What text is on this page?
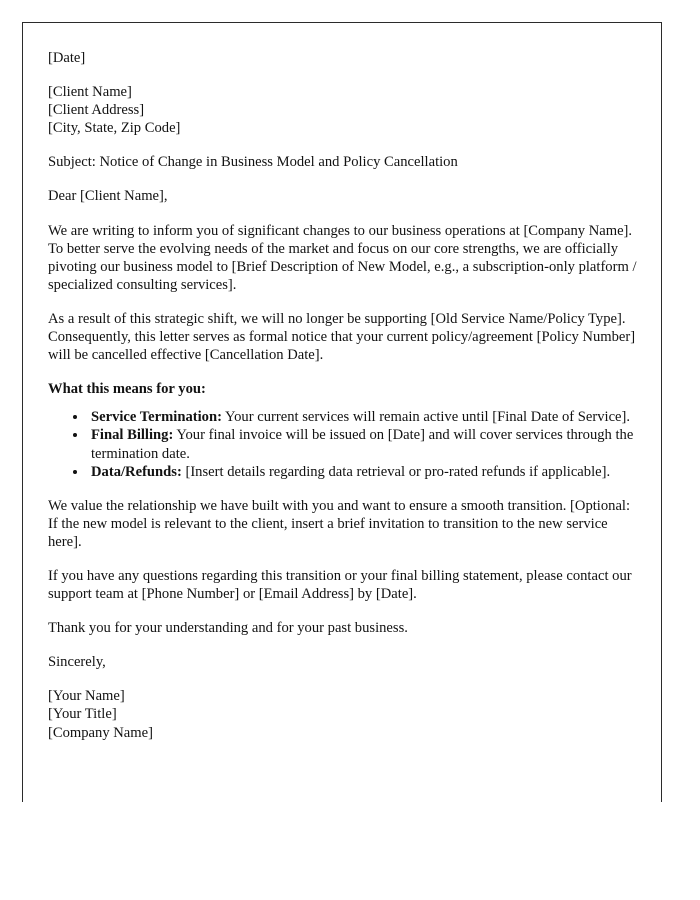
[Date]

[Client Name]

[Client Address]

[City, State, Zip Code]

Subject: Notice of Change in Business Model and Policy Cancellation

Dear [Client Name],

We are writing to inform you of significant changes to our business operations at [Company Name]. To better serve the evolving needs of the market and focus on our core strengths, we are officially pivoting our business model to [Brief Description of New Model, e.g., a subscription-only platform / specialized consulting services].

As a result of this strategic shift, we will no longer be supporting [Old Service Name/Policy Type]. Consequently, this letter serves as formal notice that your current policy/agreement [Policy Number] will be cancelled effective [Cancellation Date].

What this means for you:

• Service Termination: Your current services will remain active until [Final Date of Service].
• Final Billing: Your final invoice will be issued on [Date] and will cover services through the termination date.
• Data/Refunds: [Insert details regarding data retrieval or pro-rated refunds if applicable].

We value the relationship we have built with you and want to ensure a smooth transition. [Optional: If the new model is relevant to the client, insert a brief invitation to transition to the new service here].

If you have any questions regarding this transition or your final billing statement, please contact our support team at [Phone Number] or [Email Address] by [Date].

Thank you for your understanding and for your past business.

Sincerely,

[Your Name]

[Your Title]

[Company Name]
